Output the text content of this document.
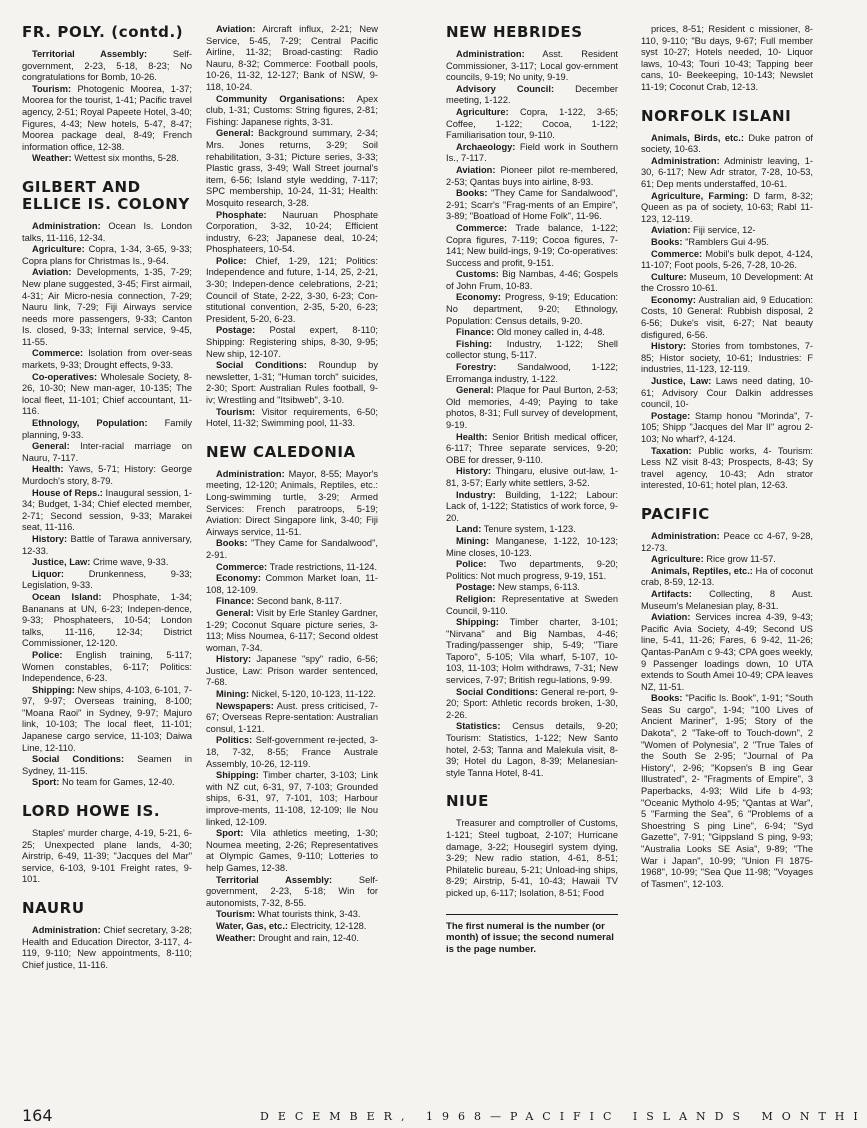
FR. POLY. (contd.)

Territorial Assembly: Self-government, 2-23, 5-18, 8-23; No congratulations for Bomb, 10-26.

Tourism: Photogenic Moorea, 1-37; Moorea for the tourist, 1-41; Pacific travel agency, 2-51; Royal Papeete Hotel, 3-40; Figures, 4-43; New hotels, 5-47, 8-47; Moorea package deal, 8-49; French information office, 12-38.

Weather: Wettest six months, 5-28.

GILBERT AND ELLICE IS. COLONY

Administration: Ocean Is. London talks, 11-116, 12-34.

Agriculture: Copra, 1-34, 3-65, 9-33; Copra plans for Christmas Is., 9-64.

Aviation: Developments, 1-35, 7-29; New plane suggested, 3-45; First airmail, 4-31; Air Micro-nesia connection, 7-29; Nauru link, 7-29; Fiji Airways service needs more passengers, 9-33; Canton Is. closed, 9-33; Internal service, 9-45, 11-55.

Commerce: Isolation from over-seas markets, 9-33; Drought effects, 9-33.

Co-operatives: Wholesale Society, 8-26, 10-30; New man-ager, 10-135; The local fleet, 11-101; Chief accountant, 11-116.

Ethnology, Population: Family planning, 9-33.

General: Inter-racial marriage on Nauru, 7-117.

Health: Yaws, 5-71; History: George Murdoch's story, 8-79.

House of Reps.: Inaugural session, 1-34; Budget, 1-34; Chief elected member, 2-71; Second session, 9-33; Marakei seat, 11-116.

History: Battle of Tarawa anniversary, 12-33.

Justice, Law: Crime wave, 9-33.

Liquor: Drunkenness, 9-33; Legislation, 9-33.

Ocean Island: Phosphate, 1-34; Bananans at UN, 6-23; Indepen-dence, 9-33; Phosphateers, 10-54; London talks, 11-116, 12-34; District Commissioner, 12-120.

Police: English training, 5-117; Women constables, 6-117; Politics: Independence, 6-23.

Shipping: New ships, 4-103, 6-101, 7-97, 9-97; Overseas training, 8-100; "Moana Raoi" in Sydney, 9-97; Majuro link, 10-103; The local fleet, 11-101; Japanese cargo service, 11-103; Daiwa Line, 12-110.

Social Conditions: Seamen in Sydney, 11-115.

Sport: No team for Games, 12-40.

LORD HOWE IS.

Staples' murder charge, 4-19, 5-21, 6-25; Unexpected plane lands, 4-30; Airstrip, 6-49, 11-39; "Jacques del Mar" service, 6-103, 9-101 Freight rates, 9-101.

NAURU

Administration: Chief secretary, 3-28; Health and Education Director, 3-117, 4-119, 9-110; New appointments, 8-110; Chief justice, 11-116.

Aviation: Aircraft influx, 2-21; New Service, 5-45, 7-29; Central Pacific Airline, 11-32; Broad-casting: Radio Nauru, 8-32; Commerce: Football pools, 10-26, 11-32, 12-127; Bank of NSW, 9-118, 10-24.

Community Organisations: Apex club, 1-31; Customs: String figures, 2-81; Fishing: Japanese rights, 3-31.

General: Background summary, 2-34; Mrs. Jones returns, 3-29; Soil rehabilitation, 3-31; Picture series, 3-33; Plastic grass, 3-49; Wall Street journal's item, 6-56; Island style wedding, 7-117; SPC membership, 10-24, 11-31; Health: Mosquito research, 3-28.

Phosphate: Nauruan Phosphate Corporation, 3-32, 10-24; Efficient industry, 6-23; Japanese deal, 10-24; Phosphateers, 10-54.

Police: Chief, 1-29, 121; Politics: Independence and future, 1-14, 25, 2-21, 3-30; Indepen-dence celebrations, 2-21; Council of State, 2-22, 3-30, 6-23; Con-stitutional convention, 2-35, 5-20, 6-23; President, 5-20, 6-23.

Postage: Postal expert, 8-110; Shipping: Registering ships, 8-30, 9-95; New ship, 12-107.

Social Conditions: Roundup by newsletter, 1-31; "Human torch" suicides, 2-30; Sport: Australian Rules football, 9-iv; Wrestling and "Itsibweb", 3-10.

Tourism: Visitor requirements, 6-50; Hotel, 11-32; Swimming pool, 11-33.

NEW CALEDONIA

Administration: Mayor, 8-55; Mayor's meeting, 12-120; Animals, Reptiles, etc.: Long-swimming turtle, 3-29; Armed Services: French paratroops, 5-19; Aviation: Direct Singapore link, 3-40; Fiji Airways service, 11-51.

Books: "They Came for Sandalwood", 2-91.

Commerce: Trade restrictions, 11-124.

Economy: Common Market loan, 11-108, 12-109.

Finance: Second bank, 8-117.

General: Visit by Erle Stanley Gardner, 1-29; Coconut Square picture series, 3-113; Miss Noumea, 6-117; Second oldest woman, 7-34.

History: Japanese "spy" radio, 6-56; Justice, Law: Prison warder sentenced, 7-68.

Mining: Nickel, 5-120, 10-123, 11-122.

Newspapers: Aust. press criticised, 7-67; Overseas Repre-sentation: Australian consul, 1-121.

Politics: Self-government re-jected, 3-18, 7-32, 8-55; France Australe Assembly, 10-26, 12-119.

Shipping: Timber charter, 3-103; Link with NZ cut, 6-31, 97, 7-103; Grounded ships, 6-31, 97, 7-101, 103; Harbour improve-ments, 11-108, 12-109; Ile Nou linked, 12-109.

Sport: Vila athletics meeting, 1-30; Noumea meeting, 2-26; Representatives at Olympic Games, 9-110; Lotteries to help Games, 12-38.

Territorial Assembly: Self-government, 2-23, 5-18; Win for autonomists, 7-32, 8-55.

Tourism: What tourists think, 3-43.

Water, Gas, etc.: Electricity, 12-128.

Weather: Drought and rain, 12-40.

NEW HEBRIDES

Administration: Asst. Resident Commissioner, 3-117; Local gov-ernment councils, 9-19; No unity, 9-19.

Advisory Council: December meeting, 1-122.

Agriculture: Copra, 1-122, 3-65; Coffee, 1-122; Cocoa, 1-122; Familiarisation tour, 9-110.

Archaeology: Field work in Southern Is., 7-117.

Aviation: Pioneer pilot re-membered, 2-53; Qantas buys into airline, 8-93.

Books: "They Came for Sandalwood", 2-91; Scarr's "Frag-ments of an Empire", 3-89; "Boatload of Home Folk", 11-96.

Commerce: Trade balance, 1-122; Copra figures, 7-119; Cocoa figures, 7-141; New build-ings, 9-19; Co-operatives: Success and profit, 9-151.

Customs: Big Nambas, 4-46; Gospels of John Frum, 10-83.

Economy: Progress, 9-19; Education: No department, 9-20; Ethnology, Population: Census details, 9-20.

Finance: Old money called in, 4-48.

Fishing: Industry, 1-122; Shell collector stung, 5-117.

Forestry: Sandalwood, 1-122; Erromanga industry, 1-122.

General: Plaque for Paul Burton, 2-53; Old memories, 4-49; Paying to take photos, 8-31; Full survey of development, 9-19.

Health: Senior British medical officer, 6-117; Three separate services, 9-20; OBE for dresser, 9-110.

History: Thingaru, elusive out-law, 1-81, 3-57; Early white settlers, 3-52.

Industry: Building, 1-122; Labour: Lack of, 1-122; Statistics of work force, 9-20.

Land: Tenure system, 1-123.

Mining: Manganese, 1-122, 10-123; Mine closes, 10-123.

Police: Two departments, 9-20; Politics: Not much progress, 9-19, 151.

Postage: New stamps, 6-113.

Religion: Representative at Sweden Council, 9-110.

Shipping: Timber charter, 3-101; "Nirvana" and Big Nambas, 4-46; Trading/passenger ship, 5-49; "Tiare Taporo", 5-105; Vila wharf, 5-107, 10-103, 11-103; Holm withdraws, 7-31; New services, 7-97; British regu-lations, 9-99.

Social Conditions: General re-port, 9-20; Sport: Athletic records broken, 1-30, 2-26.

Statistics: Census details, 9-20; Tourism: Statistics, 1-122; New Santo hotel, 2-53; Tanna and Malekula visit, 8-39; Hotel du Lagon, 8-39; Melanesian-style Tanna Hotel, 8-41.

NIUE

Treasurer and comptroller of Customs, 1-121; Steel tugboat, 2-107; Hurricane damage, 3-22; Housegirl system dying, 3-29; New radio station, 4-61, 8-51; Philatelic bureau, 5-21; Unload-ing ships, 8-29; Airstrip, 5-41, 10-43; Hawaii TV picked up, 6-117; Isolation, 8-51; Food

The first numeral is the number (or month) of issue; the second numeral is the page number.

prices, 8-51; Resident c missioner, 8-110, 9-110; "Bu days, 9-67; Full member syst 10-27; Hotels needed, 10- Liquor laws, 10-43; Touri 10-43; Tapping beer cans, 10- Beekeeping, 10-143; Newslet 11-19; Coconut Crab, 12-13.

NORFOLK ISLANI

Animals, Birds, etc.: Duke patron of society, 10-63.

Administration: Administr leaving, 1-30, 6-117; New Adr strator, 7-28, 10-53, 61; Dep ments understaffed, 10-61.

Agriculture, Farming: D farm, 8-32; Queen as pa of society, 10-63; Rabl 11-123, 12-119.

Aviation: Fiji service, 12-

Books: "Ramblers Gui 4-95.

Commerce: Mobil's bulk depot, 4-124, 11-107; Foot pools, 5-26, 7-28, 10-26.

Culture: Museum, 10 Development: At the Crossro 10-61.

Economy: Australian aid, 9 Education: Costs, 10 General: Rubbish disposal, 2 6-56; Duke's visit, 6-27; Nat beauty disfigured, 6-56.

History: Stories from tombstones, 7-85; Histor society, 10-61; Industries: F industries, 11-123, 12-119.

Justice, Law: Laws need dating, 10-61; Advisory Cour Dalkin addresses council, 10-

Postage: Stamp honou "Morinda", 7-105; Shipp "Jacques del Mar II" agrou 2-103; No wharf?, 4-124.

Taxation: Public works, 4- Tourism: Less NZ visit 8-43; Prospects, 8-43; Sy travel agency, 10-43; Adn strator interested, 10-61; hotel plan, 12-63.

PACIFIC

Administration: Peace cc 4-67, 9-28, 12-73.

Agriculture: Rice grow 11-57.

Animals, Reptiles, etc.: Ha of coconut crab, 8-59, 12-13.

Artifacts: Collecting, 8 Aust. Museum's Melanesian play, 8-31.

Aviation: Services increa 4-39, 9-43; Pacific Avia Society, 4-49; Second US line, 5-41, 11-26; Fares, 6 9-42, 11-26; Qantas-PanAm c 9-43; CPA goes weekly, 9 Passenger loadings down, 10 UTA extends to South Amei 10-49; CPA leaves NZ, 11-51.

Books: "Pacific Is. Book", 1-91; "South Seas Su cargo", 1-94; "100 Lives of Ancient Mariner", 1-95; Story of the Dakota", 2 "Take-off to Touch-down", 2 "Women of Polynesia", 2 "True Tales of the South Se 2-95; "Journal of Pa History", 2-96; "Kopsen's B ing Gear Illustrated", 2- "Fragments of Empire", 3 Paperbacks, 4-93; Wild Life b 4-93; "Oceanic Mytholo 4-95; "Qantas at War", 5 "Farming the Sea", 6 "Problems of a Shoestring S ping Line", 6-94; "Syd Gazette", 7-91; "Gippsland S ping, 9-93; "Australia Looks SE Asia", 9-89; "The War i Japan", 10-99; "Union Fl 1875-1968", 10-99; "Sea Que 11-98; "Voyages of Tasmen", 12-103.

164	DECEMBER, 1968—PACIFIC ISLANDS MONTHI
